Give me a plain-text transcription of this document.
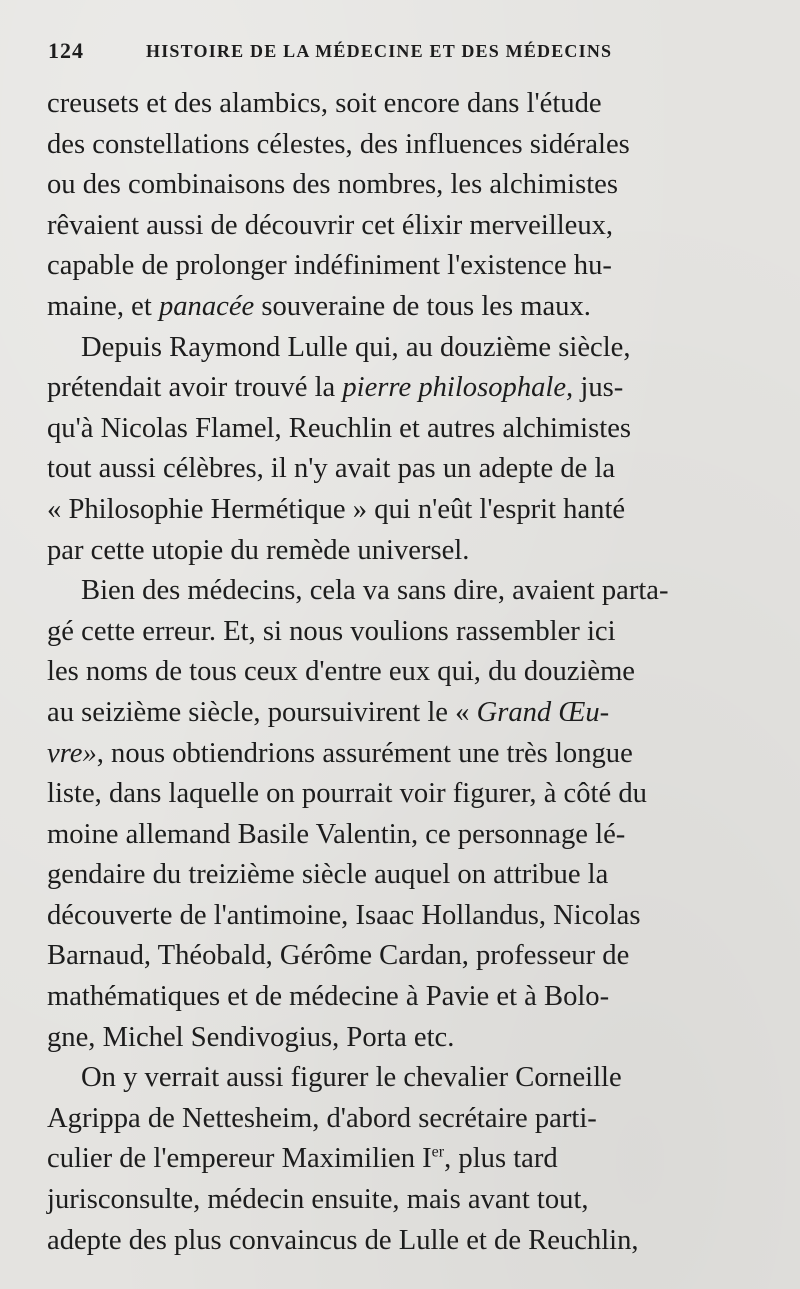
124	HISTOIRE DE LA MÉDECINE ET DES MÉDECINS
creusets et des alambics, soit encore dans l'étude
des constellations célestes, des influences sidérales
ou des combinaisons des nombres, les alchimistes
rêvaient aussi de découvrir cet élixir merveilleux,
capable de prolonger indéfiniment l'existence hu-
maine, et panacée souveraine de tous les maux.
Depuis Raymond Lulle qui, au douzième siècle,
prétendait avoir trouvé la pierre philosophale, jus-
qu'à Nicolas Flamel, Reuchlin et autres alchimistes
tout aussi célèbres, il n'y avait pas un adepte de la
« Philosophie Hermétique » qui n'eût l'esprit hanté
par cette utopie du remède universel.
Bien des médecins, cela va sans dire, avaient parta-
gé cette erreur. Et, si nous voulions rassembler ici
les noms de tous ceux d'entre eux qui, du douzième
au seizième siècle, poursuivirent le « Grand Œu-
vre», nous obtiendrions assurément une très longue
liste, dans laquelle on pourrait voir figurer, à côté du
moine allemand Basile Valentin, ce personnage lé-
gendaire du treizième siècle auquel on attribue la
découverte de l'antimoine, Isaac Hollandus, Nicolas
Barnaud, Théobald, Gérôme Cardan, professeur de
mathématiques et de médecine à Pavie et à Bolo-
gne, Michel Sendivogius, Porta etc.
On y verrait aussi figurer le chevalier Corneille
Agrippa de Nettesheim, d'abord secrétaire parti-
culier de l'empereur Maximilien Ier, plus tard
jurisconsulte, médecin ensuite, mais avant tout,
adepte des plus convaincus de Lulle et de Reuchlin,
